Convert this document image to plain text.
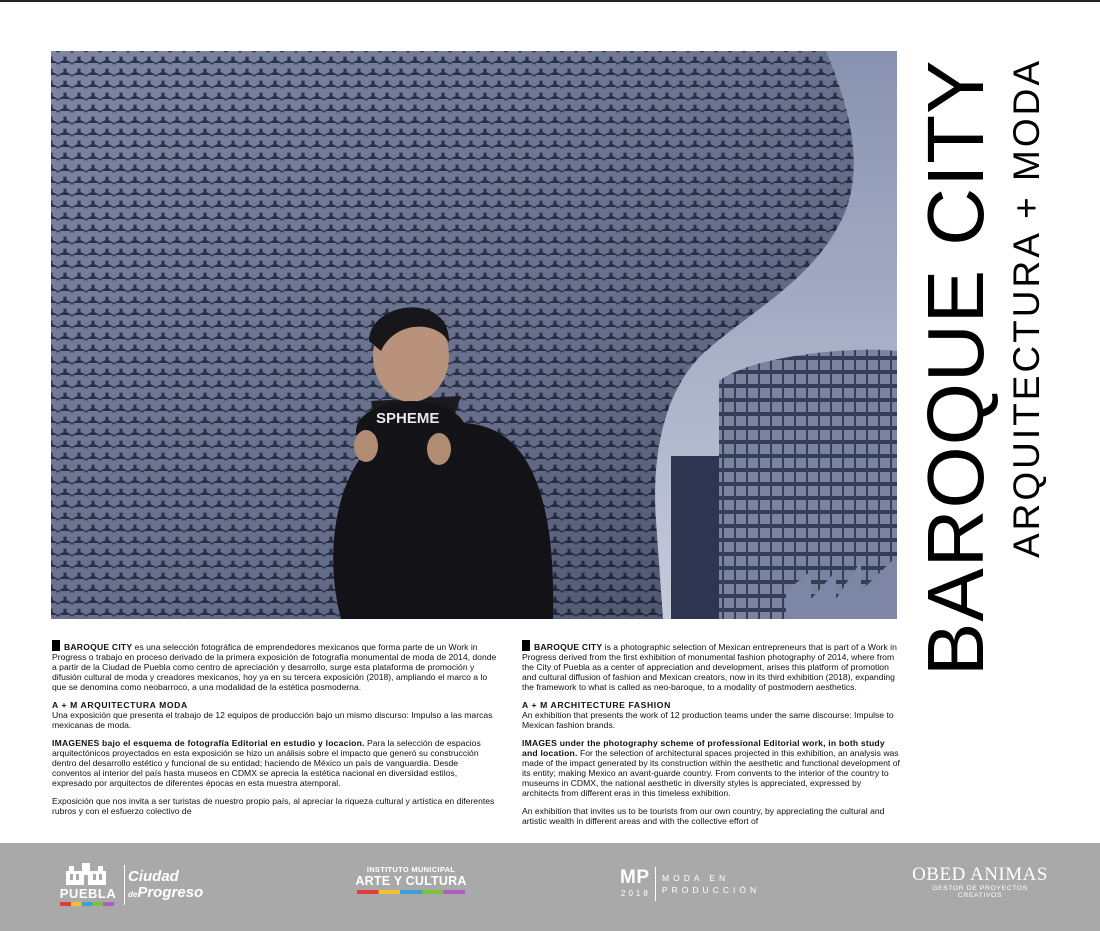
SPHEME	BAROQUE CITY ARQUITECTURA + MODA

BAROQUE CITY es una selección fotográfica de emprendedores mexicanos que forma parte de un Work in Progress o trabajo en proceso derivado de la primera exposición de fotografía monumental de moda de 2014, donde a partir de la Ciudad de Puebla como centro de apreciación y desarrollo, surge esta plataforma de promoción y difusión cultural de moda y creadores mexicanos, hoy ya en su tercera exposición (2018), ampliando el marco a lo que se denomina como neobarroco, a una modalidad de la estética posmoderna.

A + M ARQUITECTURA MODA
Una exposición que presenta el trabajo de 12 equipos de producción bajo un mismo discurso: Impulso a las marcas mexicanas de moda.

IMAGENES bajo el esquema de fotografía Editorial en estudio y locacion. Para la selección de espacios arquitectónicos proyectados en esta exposición se hizo un análisis sobre el impacto que generó su construcción dentro del desarrollo estético y funcional de su entidad; haciendo de México un país de vanguardia. Desde conventos al interior del país hasta museos en CDMX se aprecia la estética nacional en diversidad estilos, expresado por arquitectos de diferentes épocas en esta muestra atemporal.

Exposición que nos invita a ser turistas de nuestro propio país, al apreciar la riqueza cultural y artística en diferentes rubros y con el esfuerzo colectivo de

BAROQUE CITY is a photographic selection of Mexican entrepreneurs that is part of a Work in Progress derived from the first exhibition of monumental fashion photography of 2014, where from the City of Puebla as a center of appreciation and development, arises this platform of promotion and cultural diffusion of fashion and Mexican creators, now in its third exhibition (2018), expanding the framework to what is called as neo-baroque, to a modality of postmodern aesthetics.

A + M ARCHITECTURE FASHION
An exhibition that presents the work of 12 production teams under the same discourse: Impulse to Mexican fashion brands.

IMAGES under the photography scheme of professional Editorial work, in both study and location. For the selection of architectural spaces projected in this exhibition, an analysis was made of the impact generated by its construction within the aesthetic and functional development of its entity; making Mexico an avant-guarde country. From convents to the interior of the country to museums in CDMX, the national aesthetic in diversity styles is appreciated, expressed by architects from different eras in this timeless exhibition.

An exhibition that invites us to be tourists from our own country, by appreciating the cultural and artistic wealth in different areas and with the collective effort of

PUEBLA
Ciudad
deProgreso
INSTITUTO MUNICIPAL
ARTE Y CULTURA	MP
2018
MODA EN
PRODUCCIÓN
OBED ANIMAS
GESTOR DE PROYECTOS
CREATIVOS
